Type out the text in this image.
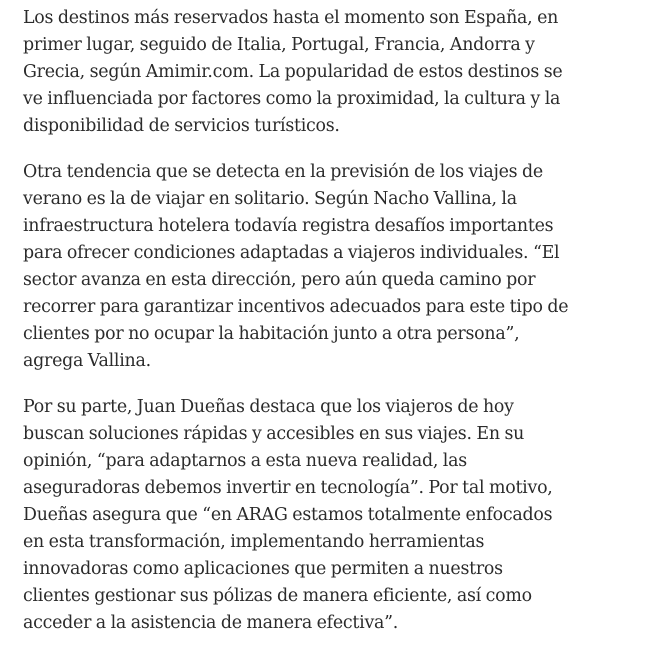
Los destinos más reservados hasta el momento son España, en
primer lugar, seguido de Italia, Portugal, Francia, Andorra y
Grecia, según Amimir.com. La popularidad de estos destinos se
ve influenciada por factores como la proximidad, la cultura y la
disponibilidad de servicios turísticos.

Otra tendencia que se detecta en la previsión de los viajes de
verano es la de viajar en solitario. Según Nacho Vallina, la
infraestructura hotelera todavía registra desafíos importantes
para ofrecer condiciones adaptadas a viajeros individuales. “El
sector avanza en esta dirección, pero aún queda camino por
recorrer para garantizar incentivos adecuados para este tipo de
clientes por no ocupar la habitación junto a otra persona”,
agrega Vallina.

Por su parte, Juan Dueñas destaca que los viajeros de hoy
buscan soluciones rápidas y accesibles en sus viajes. En su
opinión, “para adaptarnos a esta nueva realidad, las
aseguradoras debemos invertir en tecnología”. Por tal motivo,
Dueñas asegura que “en ARAG estamos totalmente enfocados
en esta transformación, implementando herramientas
innovadoras como aplicaciones que permiten a nuestros
clientes gestionar sus pólizas de manera eficiente, así como
acceder a la asistencia de manera efectiva”.
